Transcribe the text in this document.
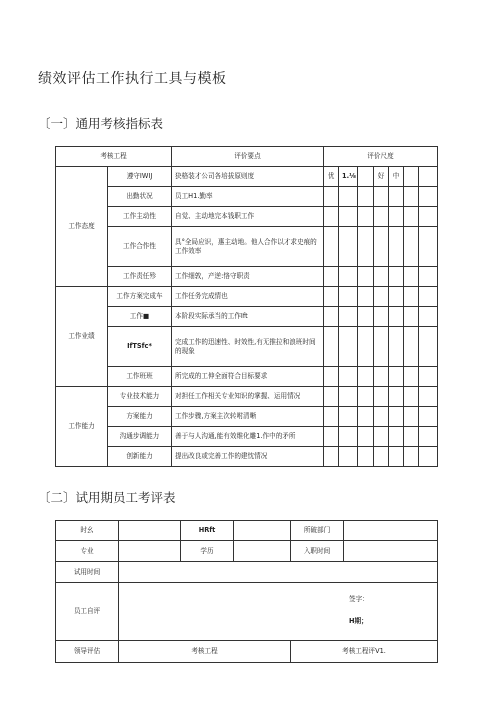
绩效评估工作执行工具与模板
〔一〕通用考核指标表
考核工程		评价要点	评价尺度						
工作态度	遵守IWIJ	㹟格装才公司各培拔原则度	优	1.⅛		好	中		
	出勤状况	员工H1.勤率							
	工作主动性	自觉、主动地完本钱职工作							
	工作合作性	具°全局应识，惠主动地。他人合作以才求史痕的工作效率							
	工作责任殄	工作细敦，产逆:恪守职责							
工作业绩	工作方案完成车	工作任务完成情也							
	工作■	本阶段实际承当的工作Ift							
	IfTSfc*	完成工作的迅速性、时效性,有无推拉和浪班时间的现象							
	工作班班	所完成的工伸全面符合目标要求							
工作能力	专业技术能力	对担任工作相关专业知识的掌握、运用情况							
	方案能力	工作步骤,方案主次转咐清晰							
	沟通步调能力	善于与人沟通,能有效维化雕1.作中的矛所							
	创新能力	提出改良或完善工作的建忱情况							
〔二〕试用期员工考评表
时幺		HRft		所破部门	
专业		学历		入职时间	
试用时间					
员工自评	签字：
H期；				

领导评估	考核工程			考核工程评V1.	
